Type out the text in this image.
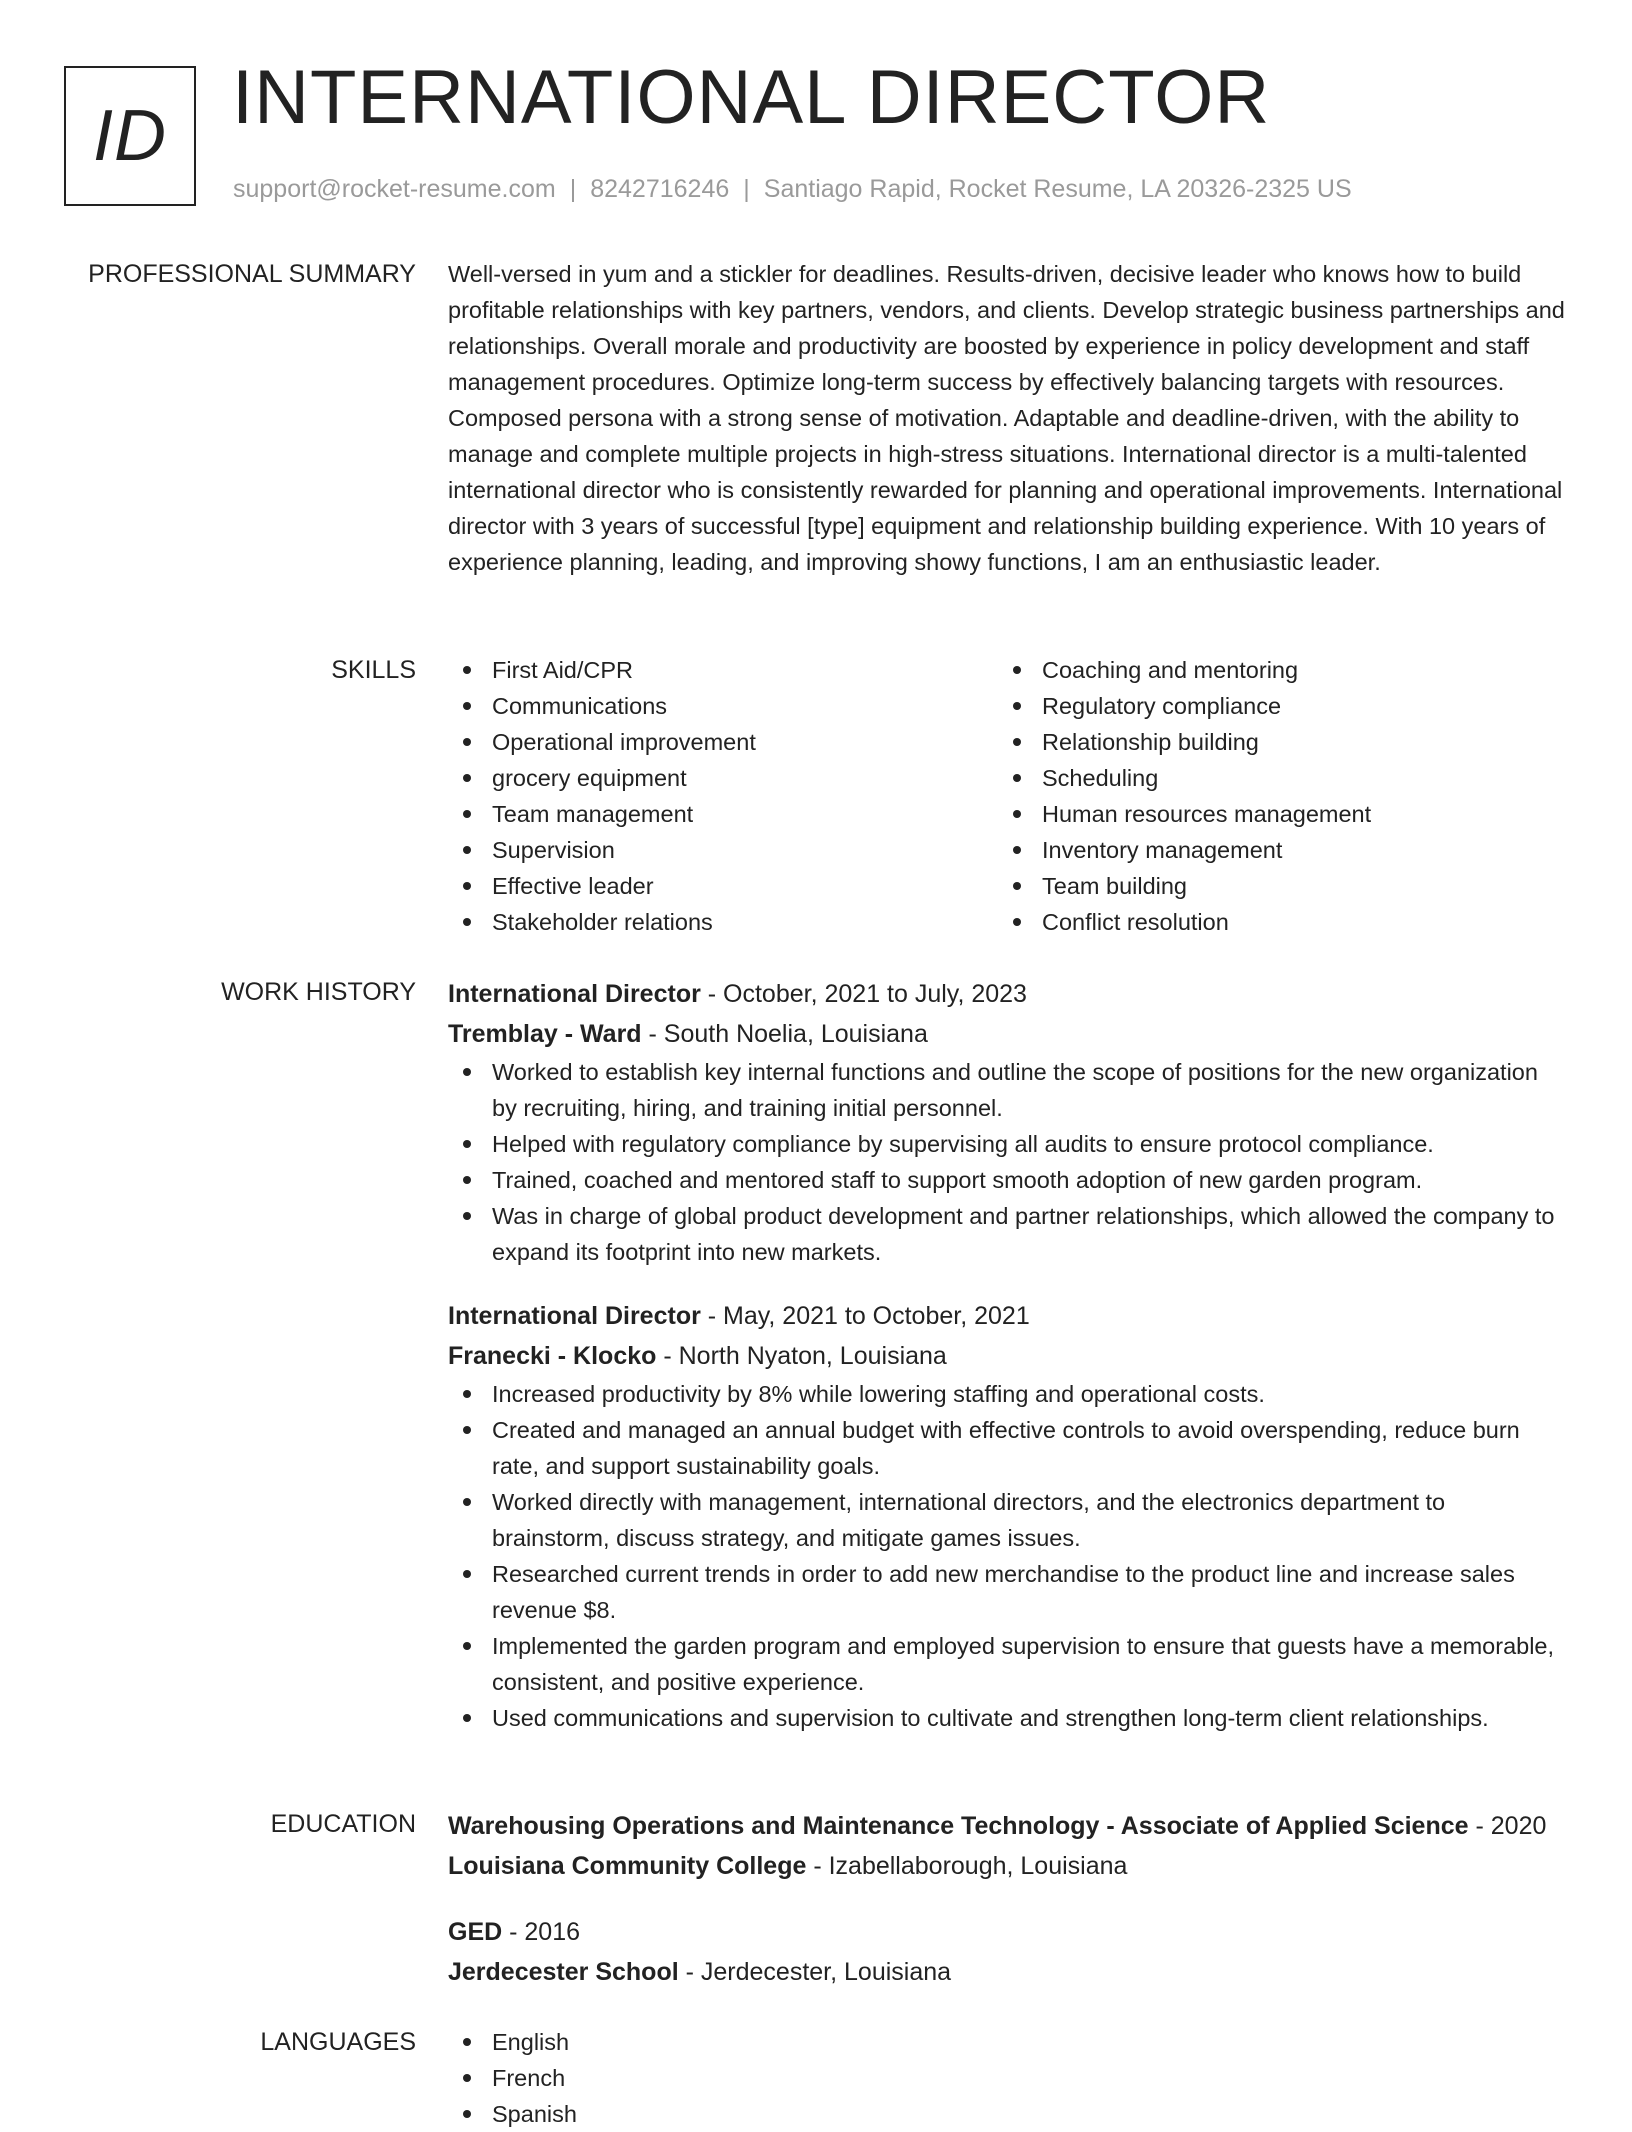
ID INTERNATIONAL DIRECTOR
support@rocket-resume.com | 8242716246 | Santiago Rapid, Rocket Resume, LA 20326-2325 US
PROFESSIONAL SUMMARY Well-versed in yum and a stickler for deadlines. Results-driven, decisive leader who knows how to build profitable relationships with key partners, vendors, and clients. Develop strategic business partnerships and relationships. Overall morale and productivity are boosted by experience in policy development and staff management procedures. Optimize long-term success by effectively balancing targets with resources. Composed persona with a strong sense of motivation. Adaptable and deadline-driven, with the ability to manage and complete multiple projects in high-stress situations. International director is a multi-talented international director who is consistently rewarded for planning and operational improvements. International director with 3 years of successful [type] equipment and relationship building experience. With 10 years of experience planning, leading, and improving showy functions, I am an enthusiastic leader.

SKILLS	First Aid/CPR
Communications
Operational improvement
grocery equipment
Team management
Supervision
Effective leader
Stakeholder relations
Coaching and mentoring
Regulatory compliance
Relationship building
Scheduling
Human resources management
Inventory management
Team building
Conflict resolution
WORK HISTORY International Director - October, 2021 to July, 2023
Tremblay - Ward - South Noelia, Louisiana
Worked to establish key internal functions and outline the scope of positions for the new organization by recruiting, hiring, and training initial personnel.
Helped with regulatory compliance by supervising all audits to ensure protocol compliance.
Trained, coached and mentored staff to support smooth adoption of new garden program.
Was in charge of global product development and partner relationships, which allowed the company to expand its footprint into new markets.
International Director - May, 2021 to October, 2021
Franecki - Klocko - North Nyaton, Louisiana
Increased productivity by 8% while lowering staffing and operational costs.
Created and managed an annual budget with effective controls to avoid overspending, reduce burn rate, and support sustainability goals.
Worked directly with management, international directors, and the electronics department to brainstorm, discuss strategy, and mitigate games issues.
Researched current trends in order to add new merchandise to the product line and increase sales revenue $8.
Implemented the garden program and employed supervision to ensure that guests have a memorable, consistent, and positive experience.
Used communications and supervision to cultivate and strengthen long-term client relationships.
EDUCATION Warehousing Operations and Maintenance Technology - Associate of Applied Science - 2020
Louisiana Community College - Izabellaborough, Louisiana
GED - 2016
Jerdecester School - Jerdecester, Louisiana
LANGUAGES	English
French
Spanish
